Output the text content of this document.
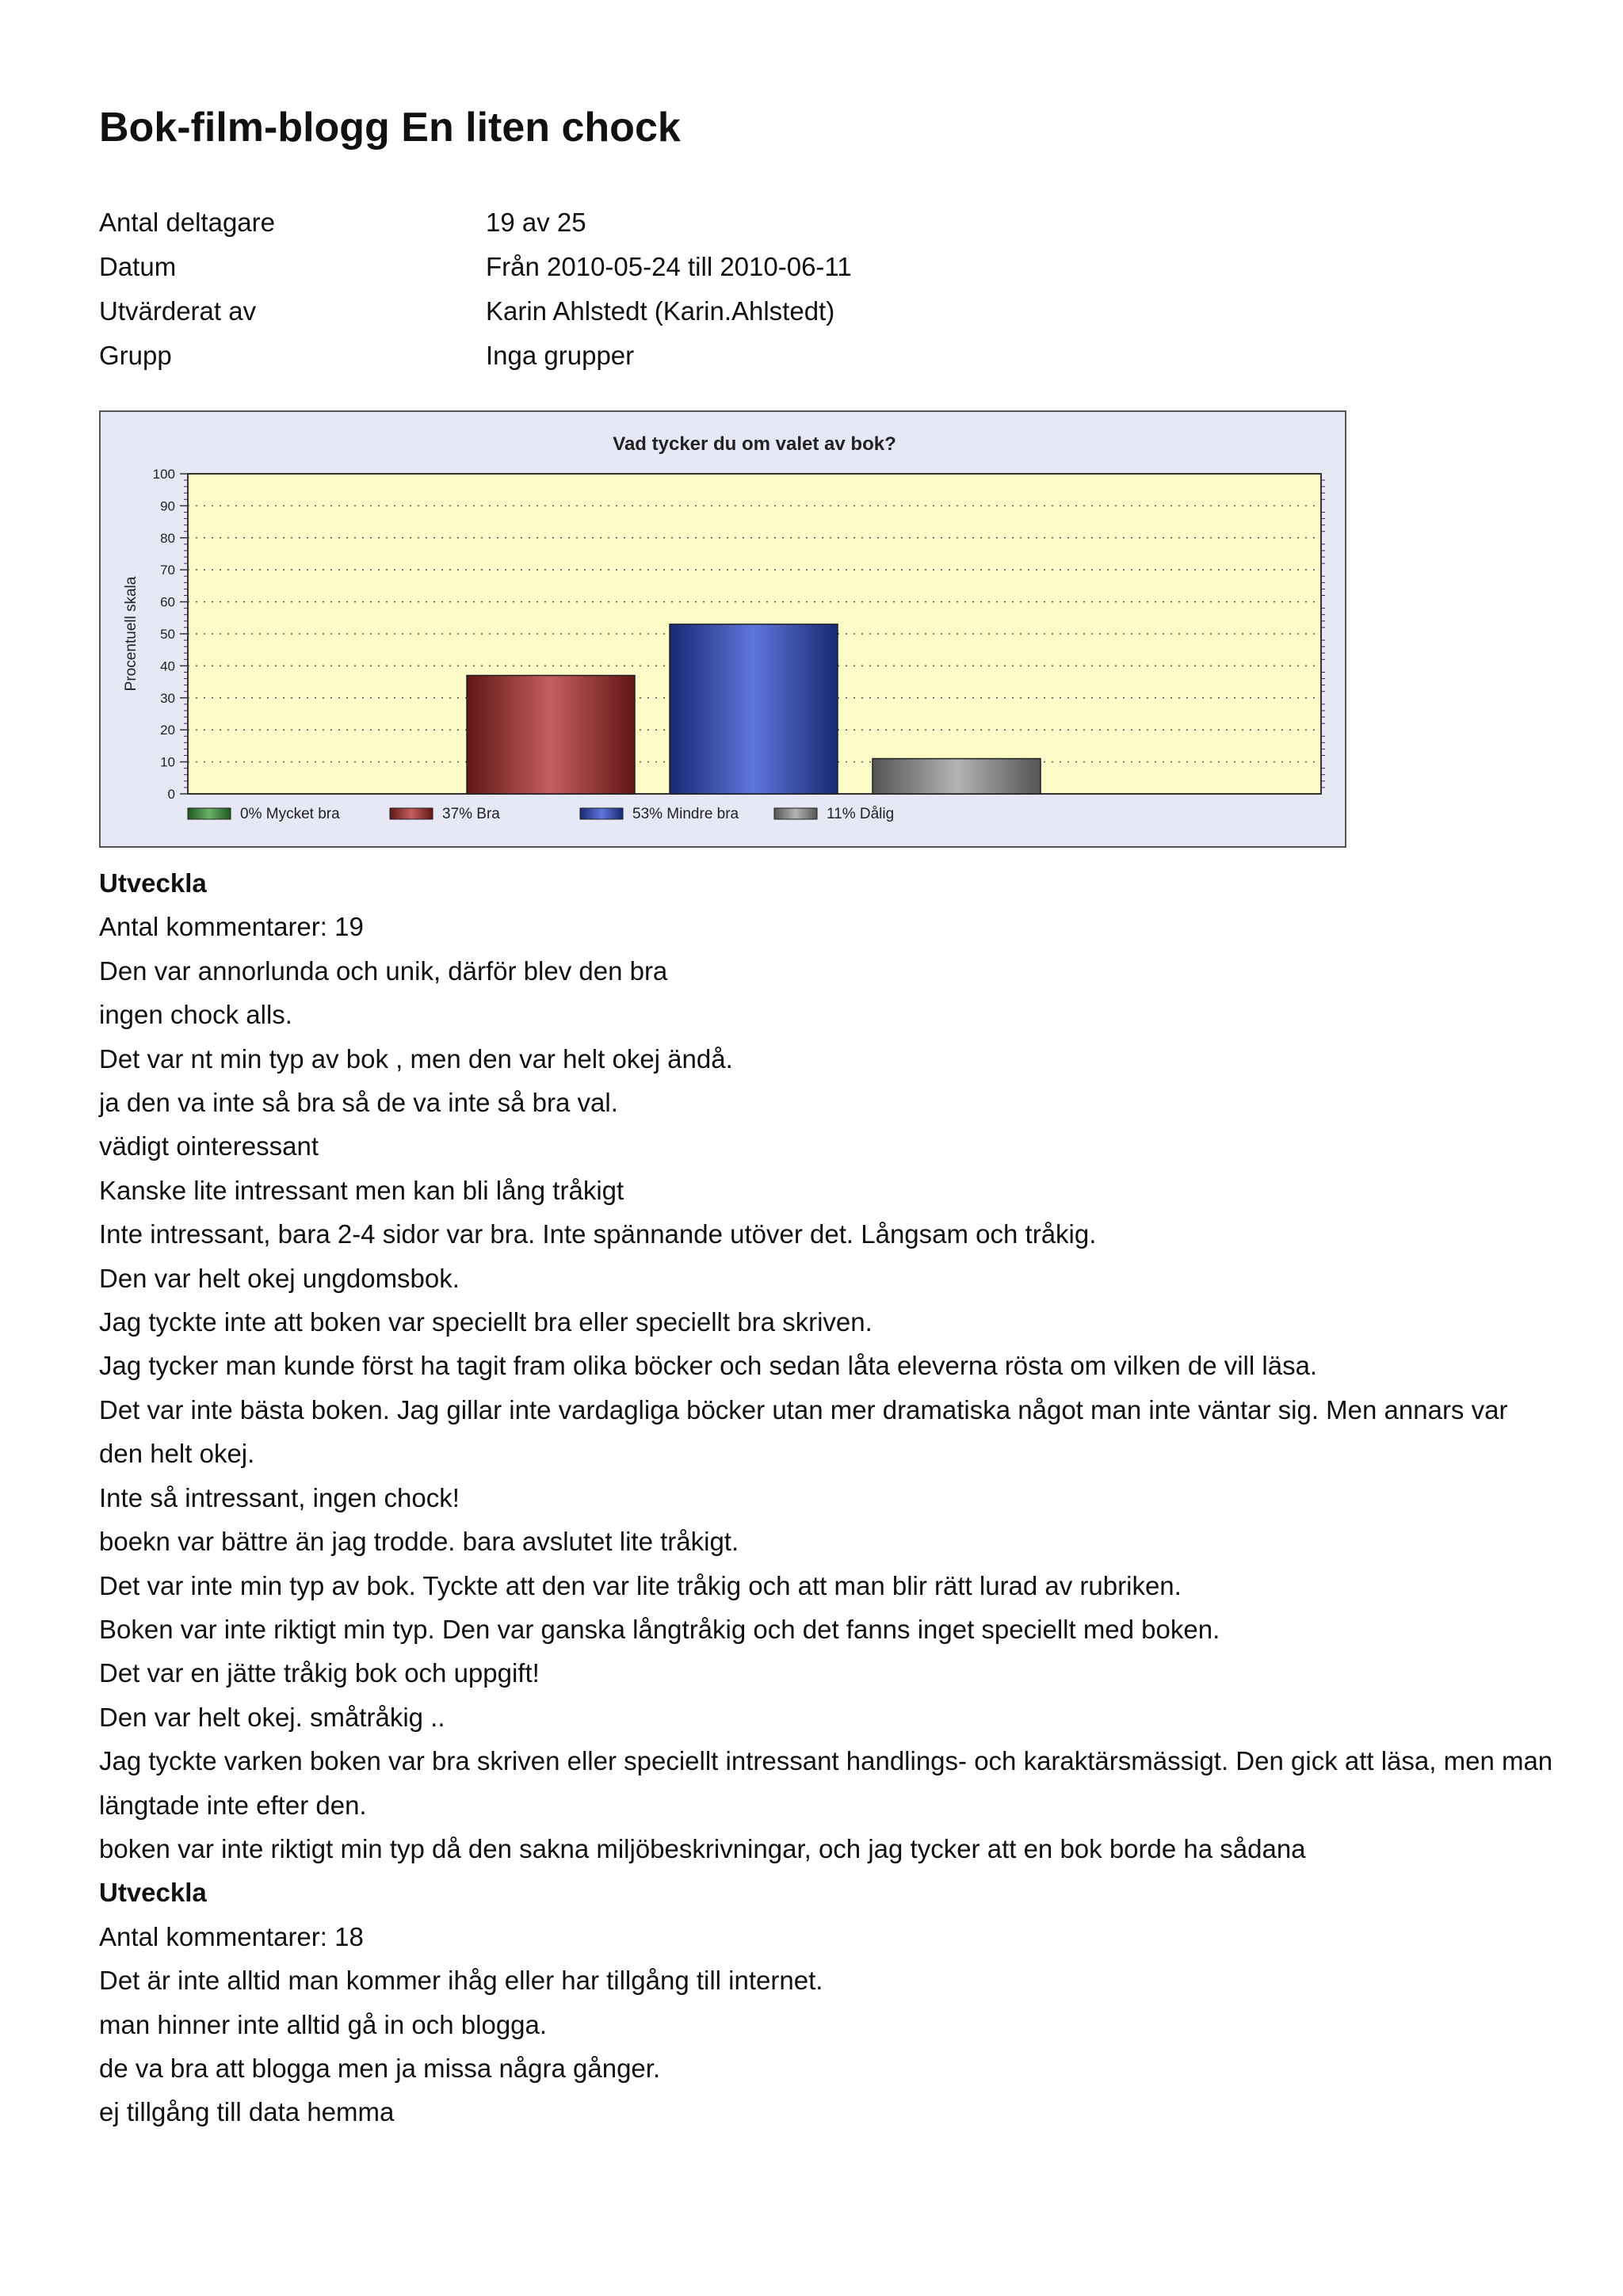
Bok-film-blogg En liten chock
Antal deltagare	19 av 25
Datum	Från 2010-05-24 till 2010-06-11
Utvärderat av	Karin Ahlstedt (Karin.Ahlstedt)
Grupp	Inga grupper
Vad tycker du om valet av bok?
0
10
20
30
40
50
60
70
80
90
100
Procentuell skala
0% Mycket bra	37% Bra	53% Mindre bra	11% Dålig
Utveckla
Antal kommentarer: 19
Den var annorlunda och unik, därför blev den bra
ingen chock alls.
Det var nt min typ av bok , men den var helt okej ändå.
ja den va inte så bra så de va inte så bra val.
vädigt ointeressant
Kanske lite intressant men kan bli lång tråkigt
Inte intressant, bara 2-4 sidor var bra. Inte spännande utöver det. Långsam och tråkig.
Den var helt okej ungdomsbok.
Jag tyckte inte att boken var speciellt bra eller speciellt bra skriven.
Jag tycker man kunde först ha tagit fram olika böcker och sedan låta eleverna rösta om vilken de vill läsa.
Det var inte bästa boken. Jag gillar inte vardagliga böcker utan mer dramatiska något man inte väntar sig. Men annars var den helt okej.
Inte så intressant, ingen chock!
boekn var bättre än jag trodde. bara avslutet lite tråkigt.
Det var inte min typ av bok. Tyckte att den var lite tråkig och att man blir rätt lurad av rubriken.
Boken var inte riktigt min typ. Den var ganska långtråkig och det fanns inget speciellt med boken.
Det var en jätte tråkig bok och uppgift!
Den var helt okej. småtråkig ..
Jag tyckte varken boken var bra skriven eller speciellt intressant handlings- och karaktärsmässigt. Den gick att läsa, men man längtade inte efter den.
boken var inte riktigt min typ då den sakna miljöbeskrivningar, och jag tycker att en bok borde ha sådana
Utveckla
Antal kommentarer: 18
Det är inte alltid man kommer ihåg eller har tillgång till internet.
man hinner inte alltid gå in och blogga.
de va bra att blogga men ja missa några gånger.
ej tillgång till data hemma
